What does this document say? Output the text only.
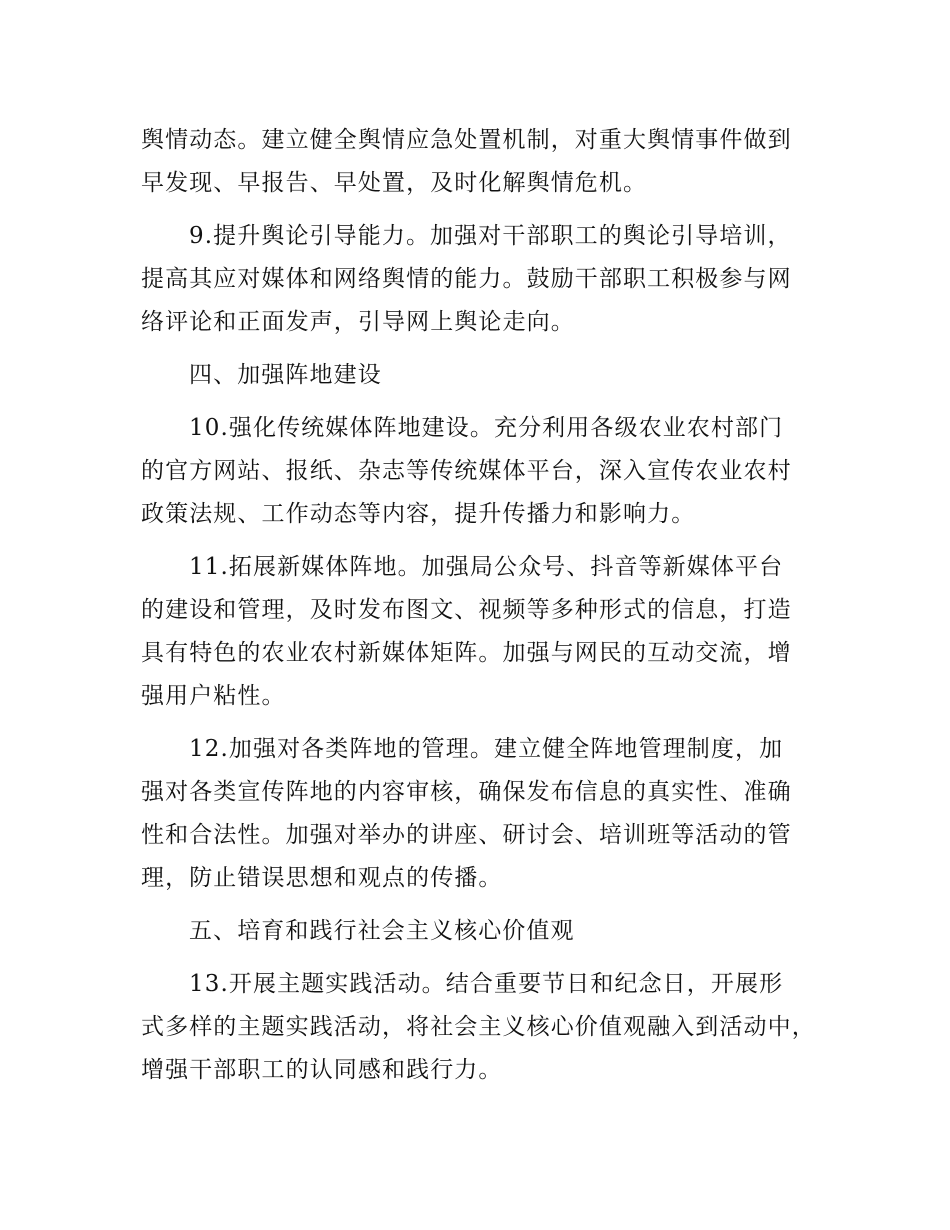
舆情动态。建立健全舆情应急处置机制，对重大舆情事件做到
早发现、早报告、早处置，及时化解舆情危机。
9.提升舆论引导能力。加强对干部职工的舆论引导培训，
提高其应对媒体和网络舆情的能力。鼓励干部职工积极参与网
络评论和正面发声，引导网上舆论走向。
四、加强阵地建设
10.强化传统媒体阵地建设。充分利用各级农业农村部门
的官方网站、报纸、杂志等传统媒体平台，深入宣传农业农村
政策法规、工作动态等内容，提升传播力和影响力。
11.拓展新媒体阵地。加强局公众号、抖音等新媒体平台
的建设和管理，及时发布图文、视频等多种形式的信息，打造
具有特色的农业农村新媒体矩阵。加强与网民的互动交流，增
强用户粘性。
12.加强对各类阵地的管理。建立健全阵地管理制度，加
强对各类宣传阵地的内容审核，确保发布信息的真实性、准确
性和合法性。加强对举办的讲座、研讨会、培训班等活动的管
理，防止错误思想和观点的传播。
五、培育和践行社会主义核心价值观
13.开展主题实践活动。结合重要节日和纪念日，开展形
式多样的主题实践活动，将社会主义核心价值观融入到活动中，
增强干部职工的认同感和践行力。
